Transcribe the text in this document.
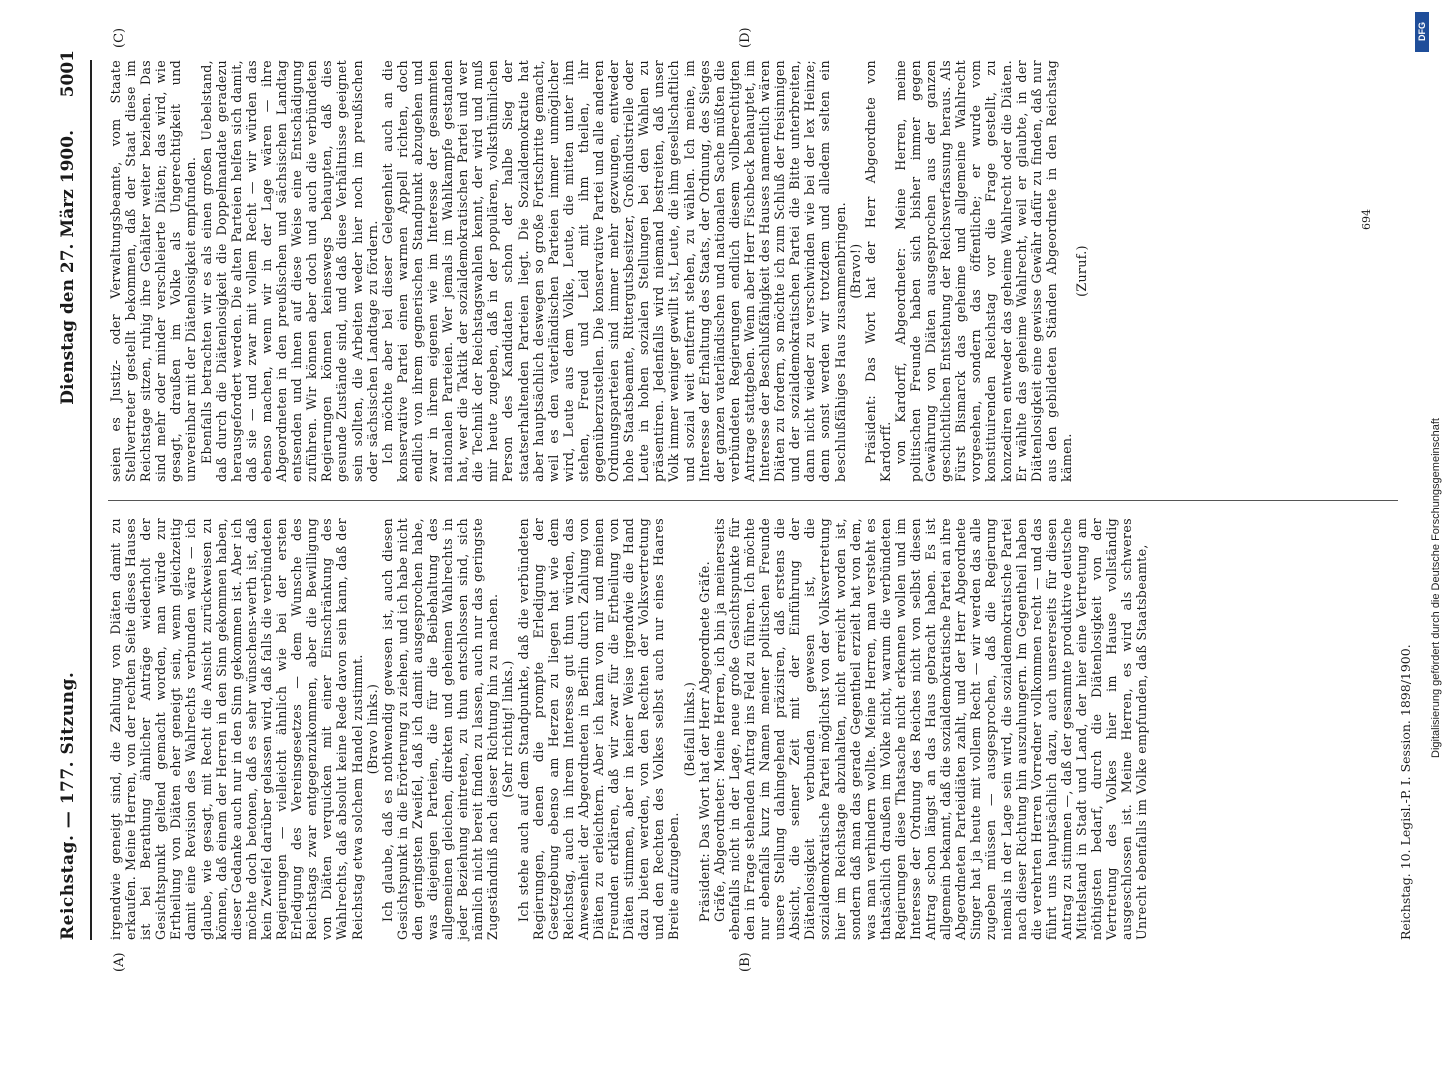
Reichstag. — 177. Sitzung.
Dienstag den 27. März 1900.
5001
(A)	(B)
(C)	(D)

irgendwie geneigt sind, die Zahlung von Diäten damit zu erkaufen. Meine Herren, von der rechten Seite dieses Hauses ist bei Berathung ähnlicher Anträge wiederholt der Gesichtspunkt geltend gemacht worden, man würde zur Ertheilung von Diäten eher geneigt sein, wenn gleichzeitig damit eine Revision des Wahlrechts verbunden wäre — ich glaube, wie gesagt, mit Recht die Ansicht zurückweisen zu können, daß einem der Herren in den Sinn gekommen haben, dieser Gedanke auch nur in den Sinn gekommen ist. Aber ich möchte doch betonen, daß es sehr wünschens-werth ist, daß kein Zweifel darüber gelassen wird, daß falls die verbündeten Regierungen — vielleicht ähnlich wie bei der ersten Erledigung des Vereinsgesetzes — dem Wunsche des Reichstags zwar entgegenzukommen, aber die Bewilligung von Diäten verquicken mit einer Einschränkung des Wahlrechts, daß absolut keine Rede davon sein kann, daß der Reichstag etwa solchem Handel zustimmt. (Bravo links.) Ich glaube, daß es nothwendig gewesen ist, auch diesen Gesichtspunkt in die Erörterung zu ziehen, und ich habe nicht den geringsten Zweifel, daß ich damit ausgesprochen habe, was diejenigen Parteien, die für die Beibehaltung des allgemeinen gleichen, direkten und geheimen Wahlrechts in jeder Beziehung eintreten, zu thun entschlossen sind, sich nämlich nicht bereit finden zu lassen, auch nur das geringste Zugeständniß nach dieser Richtung hin zu machen. (Sehr richtig! links.) Ich stehe auch auf dem Standpunkte, daß die verbündeten Regierungen, denen die prompte Erledigung der Gesetzgebung ebenso am Herzen zu liegen hat wie dem Reichstag, auch in ihrem Interesse gut thun würden, das Anwesenheit der Abgeordneten in Berlin durch Zahlung von Diäten zu erleichtern. Aber ich kann von mir und meinen Freunden erklären, daß wir zwar für die Ertheilung von Diäten stimmen, aber in keiner Weise irgendwie die Hand dazu bieten werden, von den Rechten der Volksvertretung und den Rechten des Volkes selbst auch nur eines Haares Breite aufzugeben.

(Beifall links.) Präsident: Das Wort hat der Herr Abgeordnete Gräfe. Gräfe, Abgeordneter: Meine Herren, ich bin ja meinerseits ebenfalls nicht in der Lage, neue große Gesichtspunkte für den in Frage stehenden Antrag ins Feld zu führen. Ich möchte nur ebenfalls kurz im Namen meiner politischen Freunde unsere Stellung dahingehend präzisiren, daß erstens die Absicht, die seiner Zeit mit der Einführung der Diätenlosigkeit verbunden gewesen ist, die sozialdemokratische Partei möglichst von der Volksvertretung hier im Reichstage abzuhalten, nicht erreicht worden ist, sondern daß man das gerade Gegentheil erzielt hat von dem, was man verhindern wollte. Meine Herren, man versteht es thatsächlich draußen im Volke nicht, warum die verbündeten Regierungen diese Thatsache nicht erkennen wollen und im Interesse der Ordnung des Reiches nicht von selbst diesen Antrag schon längst an das Haus gebracht haben. Es ist allgemein bekannt, daß die sozialdemokratische Partei an ihre Abgeordneten Parteidiäten zahlt, und der Herr Abgeordnete Singer hat ja heute mit vollem Recht — wir werden das alle zugeben müssen — ausgesprochen, daß die Regierung niemals in der Lage sein wird, die sozialdemokratische Partei nach dieser Richtung hin auszuhungern. Im Gegentheil haben die verehrten Herren Vorredner vollkommen recht — und das führt uns hauptsächlich dazu, auch unsererseits für diesen Antrag zu stimmen —, daß der gesammte produktive deutsche Mittelstand in Stadt und Land, der hier eine Vertretung am nöthigsten bedarf, durch die Diätenlosigkeit von der Vertretung des Volkes hier im Hause vollständig ausgeschlossen ist. Meine Herren, es wird als schweres Unrecht ebenfalls im Volke empfunden, daß Staatsbeamte,

seien es Justiz- oder Verwaltungsbeamte, vom Staate Stellvertreter gestellt bekommen, daß der Staat diese im Reichstage sitzen, ruhig ihre Gehälter weiter beziehen. Das sind mehr oder minder verschleierte Diäten; das wird, wie gesagt, draußen im Volke als Ungerechtigkeit und unvereinbar mit der Diätenlosigkeit empfunden. Ebenfalls betrachten wir es als einen großen Uebelstand, daß durch die Diätenlosigkeit die Doppelmandate geradezu herausgefordert werden. Die alten Parteien helfen sich damit, daß sie — und zwar mit vollem Recht — wir würden das ebenso machen, wenn wir in der Lage wären — ihre Abgeordneten in den preußischen und sächsischen Landtag entsenden und ihnen auf diese Weise eine Entschädigung zuführen. Wir können aber doch und auch die verbündeten Regierungen können keineswegs behaupten, daß dies gesunde Zustände sind, und daß diese Verhältnisse geeignet sein sollten, die Arbeiten weder hier noch im preußischen oder sächsischen Landtage zu fördern. Ich möchte aber bei dieser Gelegenheit auch an die konservative Partei einen warmen Appell richten, doch endlich von ihrem gegnerischen Standpunkt abzugehen und zwar in ihrem eigenen wie im Interesse der gesammten nationalen Parteien. Wer jemals im Wahlkampfe gestanden hat, wer die Taktik der sozialdemokratischen Partei und wer die Technik der Reichstagswahlen kennt, der wird und muß mir heute zugeben, daß in der populären, volksthümlichen Person des Kandidaten schon der halbe Sieg der staatserhaltenden Parteien liegt. Die Sozialdemokratie hat aber hauptsächlich deswegen so große Fortschritte gemacht, weil es den vaterländischen Parteien immer unmöglicher wird, Leute aus dem Volke, Leute, die mitten unter ihm stehen, Freud und Leid mit ihm theilen, ihr gegenüberzustellen. Die konservative Partei und alle anderen Ordnungsparteien sind immer mehr gezwungen, entweder hohe Staatsbeamte, Rittergutsbesitzer, Großindustrielle oder Leute in hohen sozialen Stellungen bei den Wahlen zu präsentiren. Jedenfalls wird niemand bestreiten, daß unser Volk immer weniger gewillt ist, Leute, die ihm gesellschaftlich und sozial weit entfernt stehen, zu wählen. Ich meine, im Interesse der Erhaltung des Staats, der Ordnung, des Sieges der ganzen vaterländischen und nationalen Sache müßten die verbündeten Regierungen endlich diesem vollberechtigten Antrage stattgeben. Wenn aber Herr Fischbeck behauptet, im Interesse der Beschlußfähigkeit des Hauses namentlich wären Diäten zu fordern, so möchte ich zum Schluß der freisinnigen und der sozialdemokratischen Partei die Bitte unterbreiten, dann nicht wieder zu verschwinden wie bei der lex Heinze; denn sonst werden wir trotzdem und alledem selten ein beschlußfähiges Haus zusammenbringen. (Bravo!) Präsident: Das Wort hat der Herr Abgeordnete von Kardorff. von Kardorff, Abgeordneter: Meine Herren, meine politischen Freunde haben sich bisher immer gegen Gewährung von Diäten ausgesprochen aus der ganzen geschichtlichen Entstehung der Reichsverfassung heraus. Als Fürst Bismarck das geheime und allgemeine Wahlrecht vorgesehen, sondern das öffentliche; er wurde vom konstituirenden Reichstag vor die Frage gestellt, zu konzediren entweder das geheime Wahlrecht oder die Diäten. Er wählte das geheime Wahlrecht, weil er glaubte, in der Diätenlosigkeit eine gewisse Gewähr dafür zu finden, daß nur aus den gebildeten Ständen Abgeordnete in den Reichstag kämen.

(Zuruf.)

Reichstag. 10. Legisl.-P. I. Session. 1898/1900.
694
DFG
Digitalisierung gefördert durch die Deutsche Forschungsgemeinschaft
